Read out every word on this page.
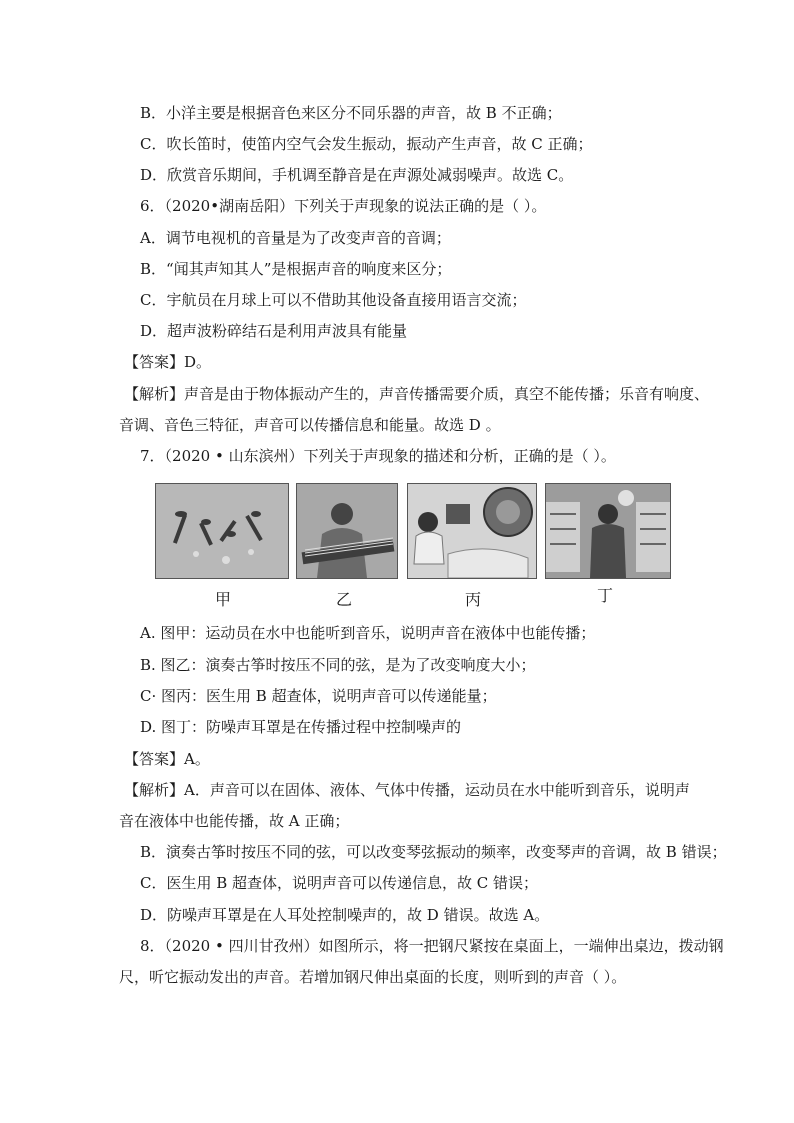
B．小洋主要是根据音色来区分不同乐器的声音，故 B 不正确；
C．吹长笛时，使笛内空气会发生振动，振动产生声音，故 C 正确；
D．欣赏音乐期间，手机调至静音是在声源处减弱噪声。故选 C。
6．（2020•湖南岳阳）下列关于声现象的说法正确的是（ ）。
A．调节电视机的音量是为了改变声音的音调；
B．“闻其声知其人”是根据声音的响度来区分；
C．宇航员在月球上可以不借助其他设备直接用语言交流；
D．超声波粉碎结石是利用声波具有能量
【答案】D。
【解析】声音是由于物体振动产生的，声音传播需要介质，真空不能传播；乐音有响度、
音调、音色三特征，声音可以传播信息和能量。故选 D 。
7．（2020 • 山东滨州）下列关于声现象的描述和分析，正确的是（ ）。
甲	乙	丙	丁
A. 图甲：运动员在水中也能听到音乐，说明声音在液体中也能传播；
B. 图乙：演奏古筝时按压不同的弦，是为了改变响度大小；
C· 图丙：医生用 B 超查体，说明声音可以传递能量；
D. 图丁：防噪声耳罩是在传播过程中控制噪声的
【答案】A。
【解析】A．声音可以在固体、液体、气体中传播，运动员在水中能听到音乐，说明声
音在液体中也能传播，故 A 正确；
B．演奏古筝时按压不同的弦，可以改变琴弦振动的频率，改变琴声的音调，故 B 错误；
C．医生用 B 超查体，说明声音可以传递信息，故 C 错误；
D．防噪声耳罩是在人耳处控制噪声的，故 D 错误。故选 A。
8．（2020 • 四川甘孜州）如图所示，将一把钢尺紧按在桌面上，一端伸出桌边，拨动钢
尺，听它振动发出的声音。若增加钢尺伸出桌面的长度，则听到的声音（ ）。
